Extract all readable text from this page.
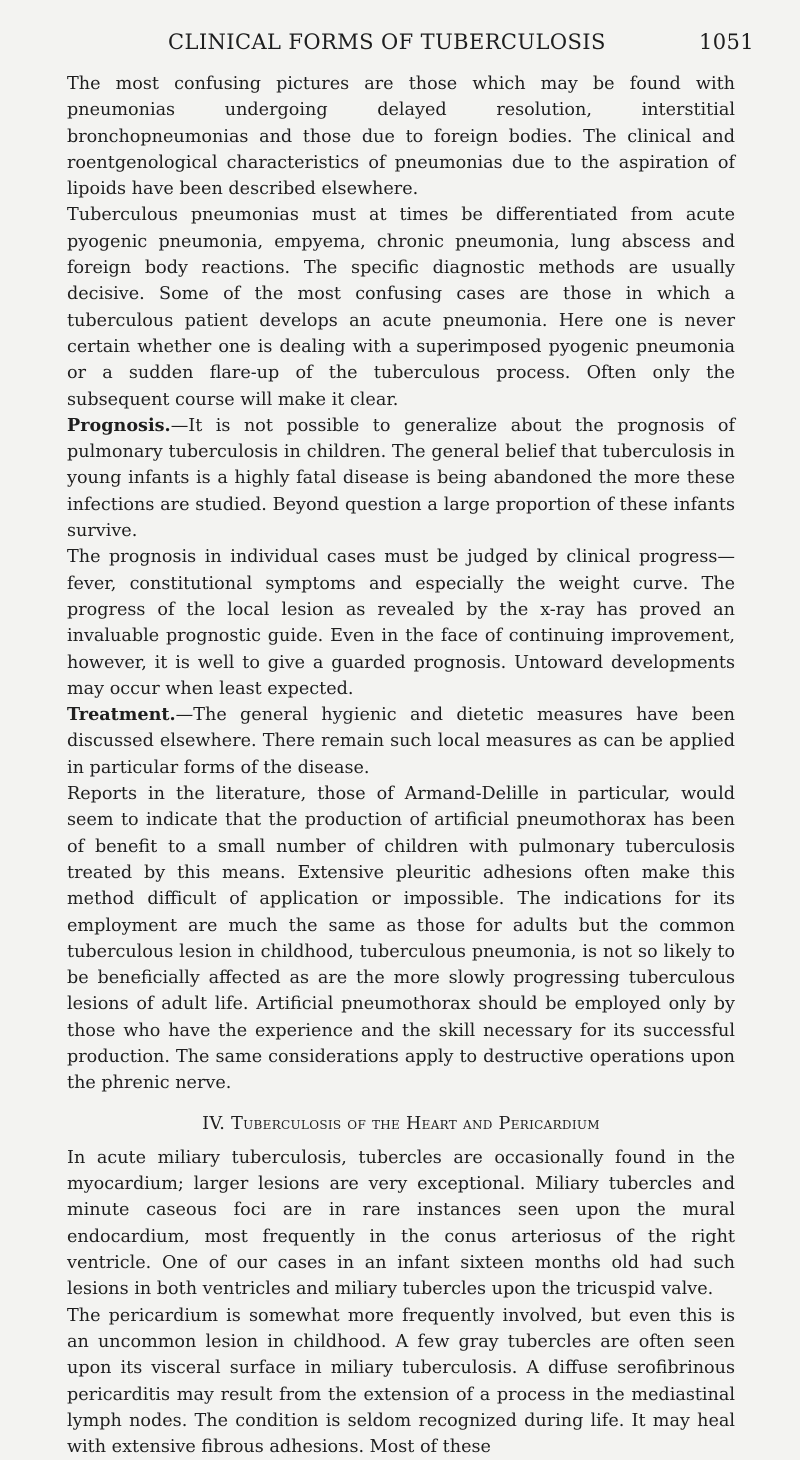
CLINICAL FORMS OF TUBERCULOSIS	1051

The most confusing pictures are those which may be found with pneumonias undergoing delayed resolution, interstitial bronchopneumonias and those due to foreign bodies. The clinical and roentgenological characteristics of pneumonias due to the aspiration of lipoids have been described elsewhere.

Tuberculous pneumonias must at times be differentiated from acute pyogenic pneumonia, empyema, chronic pneumonia, lung abscess and foreign body reactions. The specific diagnostic methods are usually decisive. Some of the most confusing cases are those in which a tuberculous patient develops an acute pneumonia. Here one is never certain whether one is dealing with a superimposed pyogenic pneumonia or a sudden flare-up of the tuberculous process. Often only the subsequent course will make it clear.

Prognosis.—It is not possible to generalize about the prognosis of pulmonary tuberculosis in children. The general belief that tuberculosis in young infants is a highly fatal disease is being abandoned the more these infections are studied. Beyond question a large proportion of these infants survive.

The prognosis in individual cases must be judged by clinical progress—fever, constitutional symptoms and especially the weight curve. The progress of the local lesion as revealed by the x-ray has proved an invaluable prognostic guide. Even in the face of continuing improvement, however, it is well to give a guarded prognosis. Untoward developments may occur when least expected.

Treatment.—The general hygienic and dietetic measures have been discussed elsewhere. There remain such local measures as can be applied in particular forms of the disease.

Reports in the literature, those of Armand-Delille in particular, would seem to indicate that the production of artificial pneumothorax has been of benefit to a small number of children with pulmonary tuberculosis treated by this means. Extensive pleuritic adhesions often make this method difficult of application or impossible. The indications for its employment are much the same as those for adults but the common tuberculous lesion in childhood, tuberculous pneumonia, is not so likely to be beneficially affected as are the more slowly progressing tuberculous lesions of adult life. Artificial pneumothorax should be employed only by those who have the experience and the skill necessary for its successful production. The same considerations apply to destructive operations upon the phrenic nerve.

IV. Tuberculosis of the Heart and Pericardium

In acute miliary tuberculosis, tubercles are occasionally found in the myocardium; larger lesions are very exceptional. Miliary tubercles and minute caseous foci are in rare instances seen upon the mural endocardium, most frequently in the conus arteriosus of the right ventricle. One of our cases in an infant sixteen months old had such lesions in both ventricles and miliary tubercles upon the tricuspid valve.

The pericardium is somewhat more frequently involved, but even this is an uncommon lesion in childhood. A few gray tubercles are often seen upon its visceral surface in miliary tuberculosis. A diffuse serofibrinous pericarditis may result from the extension of a process in the mediastinal lymph nodes. The condition is seldom recognized during life. It may heal with extensive fibrous adhesions. Most of these
